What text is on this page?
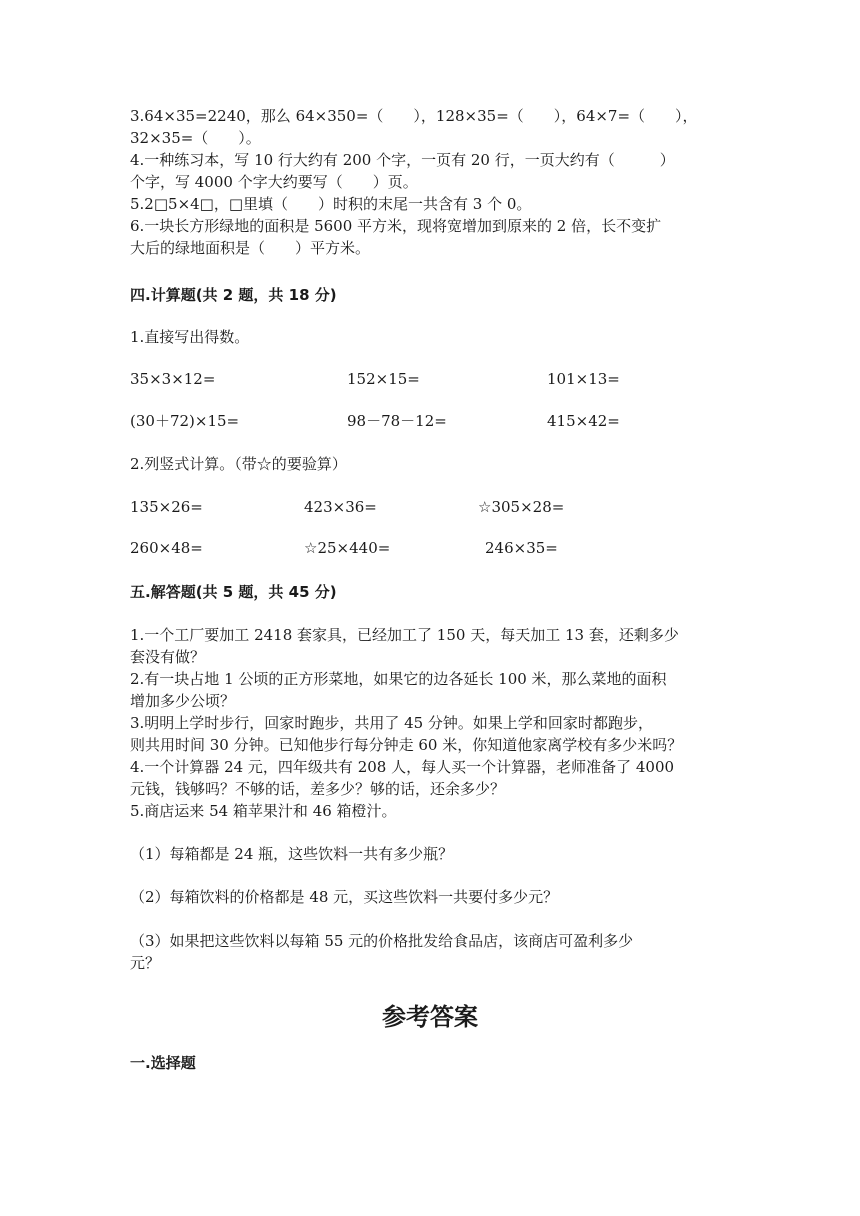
3.64×35=2240，那么 64×350=（　　），128×35=（　　），64×7=（　　），
32×35=（　　）。
4.一种练习本，写 10 行大约有 200 个字，一页有 20 行，一页大约有（　　　）
个字，写 4000 个字大约要写（　　）页。
5.2□5×4□，□里填（　　）时积的末尾一共含有 3 个 0。
6.一块长方形绿地的面积是 5600 平方米，现将宽增加到原来的 2 倍，长不变扩
大后的绿地面积是（　　）平方米。
四.计算题(共 2 题，共 18 分)
1.直接写出得数。
35×3×12=	152×15=	101×13=
(30＋72)×15=	98－78－12=	415×42=
2.列竖式计算。（带☆的要验算）
135×26=	423×36=	☆305×28=
260×48=	☆25×440=	246×35=
五.解答题(共 5 题，共 45 分)
1.一个工厂要加工 2418 套家具，已经加工了 150 天，每天加工 13 套，还剩多少
套没有做？
2.有一块占地 1 公顷的正方形菜地，如果它的边各延长 100 米，那么菜地的面积
增加多少公顷？
3.明明上学时步行，回家时跑步，共用了 45 分钟。如果上学和回家时都跑步，
则共用时间 30 分钟。已知他步行每分钟走 60 米，你知道他家离学校有多少米吗？
4.一个计算器 24 元，四年级共有 208 人，每人买一个计算器，老师准备了 4000
元钱，钱够吗？不够的话，差多少？够的话，还余多少？
5.商店运来 54 箱苹果汁和 46 箱橙汁。
（1）每箱都是 24 瓶，这些饮料一共有多少瓶？
（2）每箱饮料的价格都是 48 元，买这些饮料一共要付多少元？
（3）如果把这些饮料以每箱 55 元的价格批发给食品店，该商店可盈利多少
元？
参考答案
一.选择题
